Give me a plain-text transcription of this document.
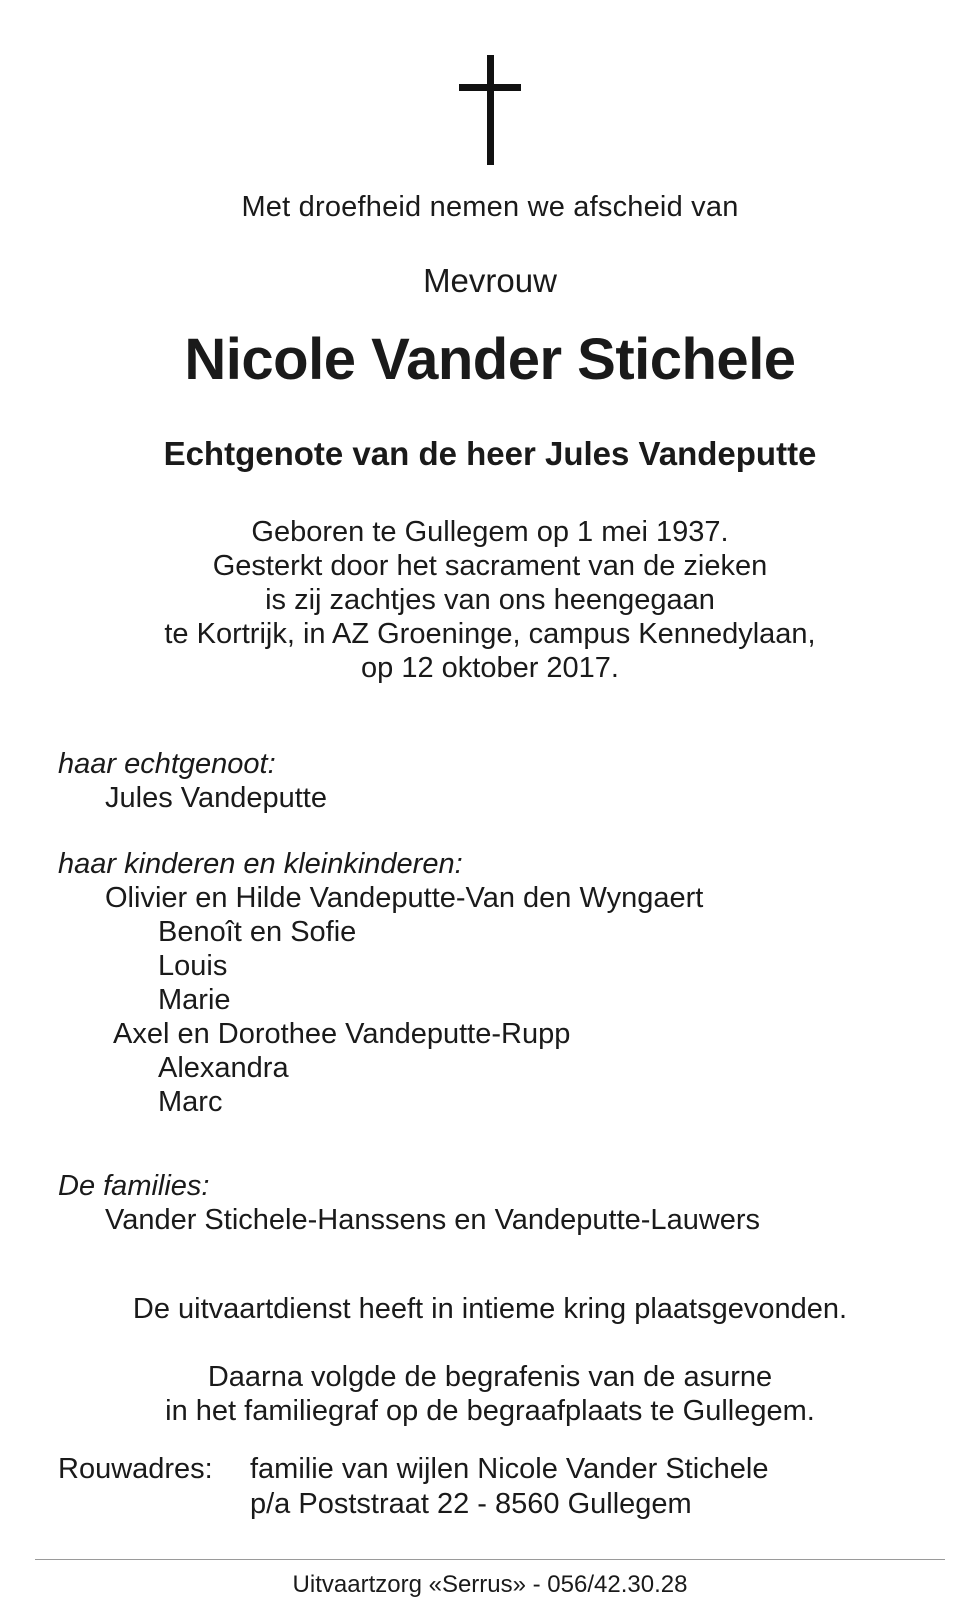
Met droefheid nemen we afscheid van
Mevrouw
Nicole Vander Stichele
Echtgenote van de heer Jules Vandeputte
Geboren te Gullegem op 1 mei 1937.
Gesterkt door het sacrament van de zieken
is zij zachtjes van ons heengegaan
te Kortrijk, in AZ Groeninge, campus Kennedylaan,
op 12 oktober 2017.
haar echtgenoot:
Jules Vandeputte
haar kinderen en kleinkinderen:
Olivier en Hilde Vandeputte-Van den Wyngaert
Benoît en Sofie
Louis
Marie
Axel en Dorothee Vandeputte-Rupp
Alexandra
Marc
De families:
Vander Stichele-Hanssens en Vandeputte-Lauwers
De uitvaartdienst heeft in intieme kring plaatsgevonden.
Daarna volgde de begrafenis van de asurne
in het familiegraf op de begraafplaats te Gullegem.
Rouwadres:	familie van wijlen Nicole Vander Stichele
p/a Poststraat 22 - 8560 Gullegem
Uitvaartzorg «Serrus» - 056/42.30.28
